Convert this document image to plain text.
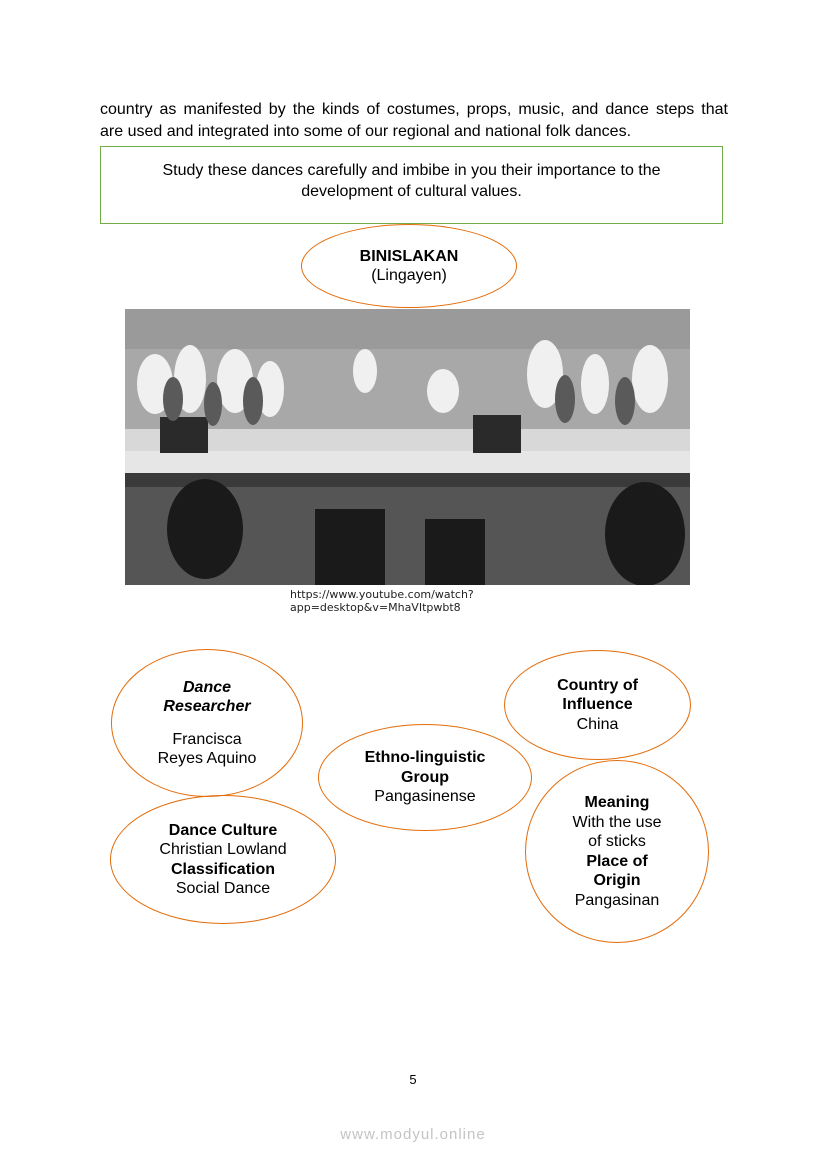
country as manifested by the kinds of costumes, props, music, and dance steps that
are used and integrated into some of our regional and national folk dances.
Study these dances carefully and imbibe in you their importance to the
development of cultural values.
BINISLAKAN
(Lingayen)
https://www.youtube.com/watch?
app=desktop&v=MhaVItpwbt8
Dance
Researcher
Francisca
Reyes Aquino
Country of
Influence
China
Ethno-linguistic
Group
Pangasinense	Meaning
With the use
of sticks
Place of
Origin
Pangasinan
Dance Culture
Christian Lowland
Classification
Social Dance
5
www.modyul.online
